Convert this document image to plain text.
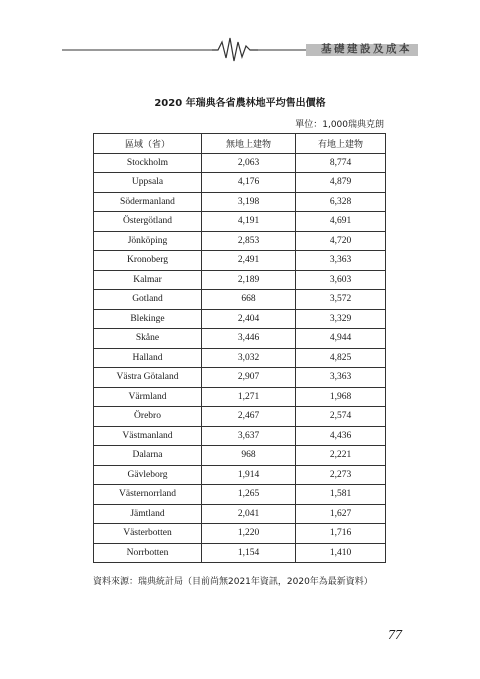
基礎建設及成本
2020 年瑞典各省農林地平均售出價格
單位：1,000瑞典克朗
區域（省）	無地上建物	有地上建物
Stockholm	2,063	8,774
Uppsala	4,176	4,879
Södermanland	3,198	6,328
Östergötland	4,191	4,691
Jönköping	2,853	4,720
Kronoberg	2,491	3,363
Kalmar	2,189	3,603
Gotland	668	3,572
Blekinge	2,404	3,329
Skåne	3,446	4,944
Halland	3,032	4,825
Västra Götaland	2,907	3,363
Värmland	1,271	1,968
Örebro	2,467	2,574
Västmanland	3,637	4,436
Dalarna	968	2,221
Gävleborg	1,914	2,273
Västernorrland	1,265	1,581
Jämtland	2,041	1,627
Västerbotten	1,220	1,716
Norrbotten	1,154	1,410
資料來源：瑞典統計局（目前尚無2021年資訊，2020年為最新資料）
77
